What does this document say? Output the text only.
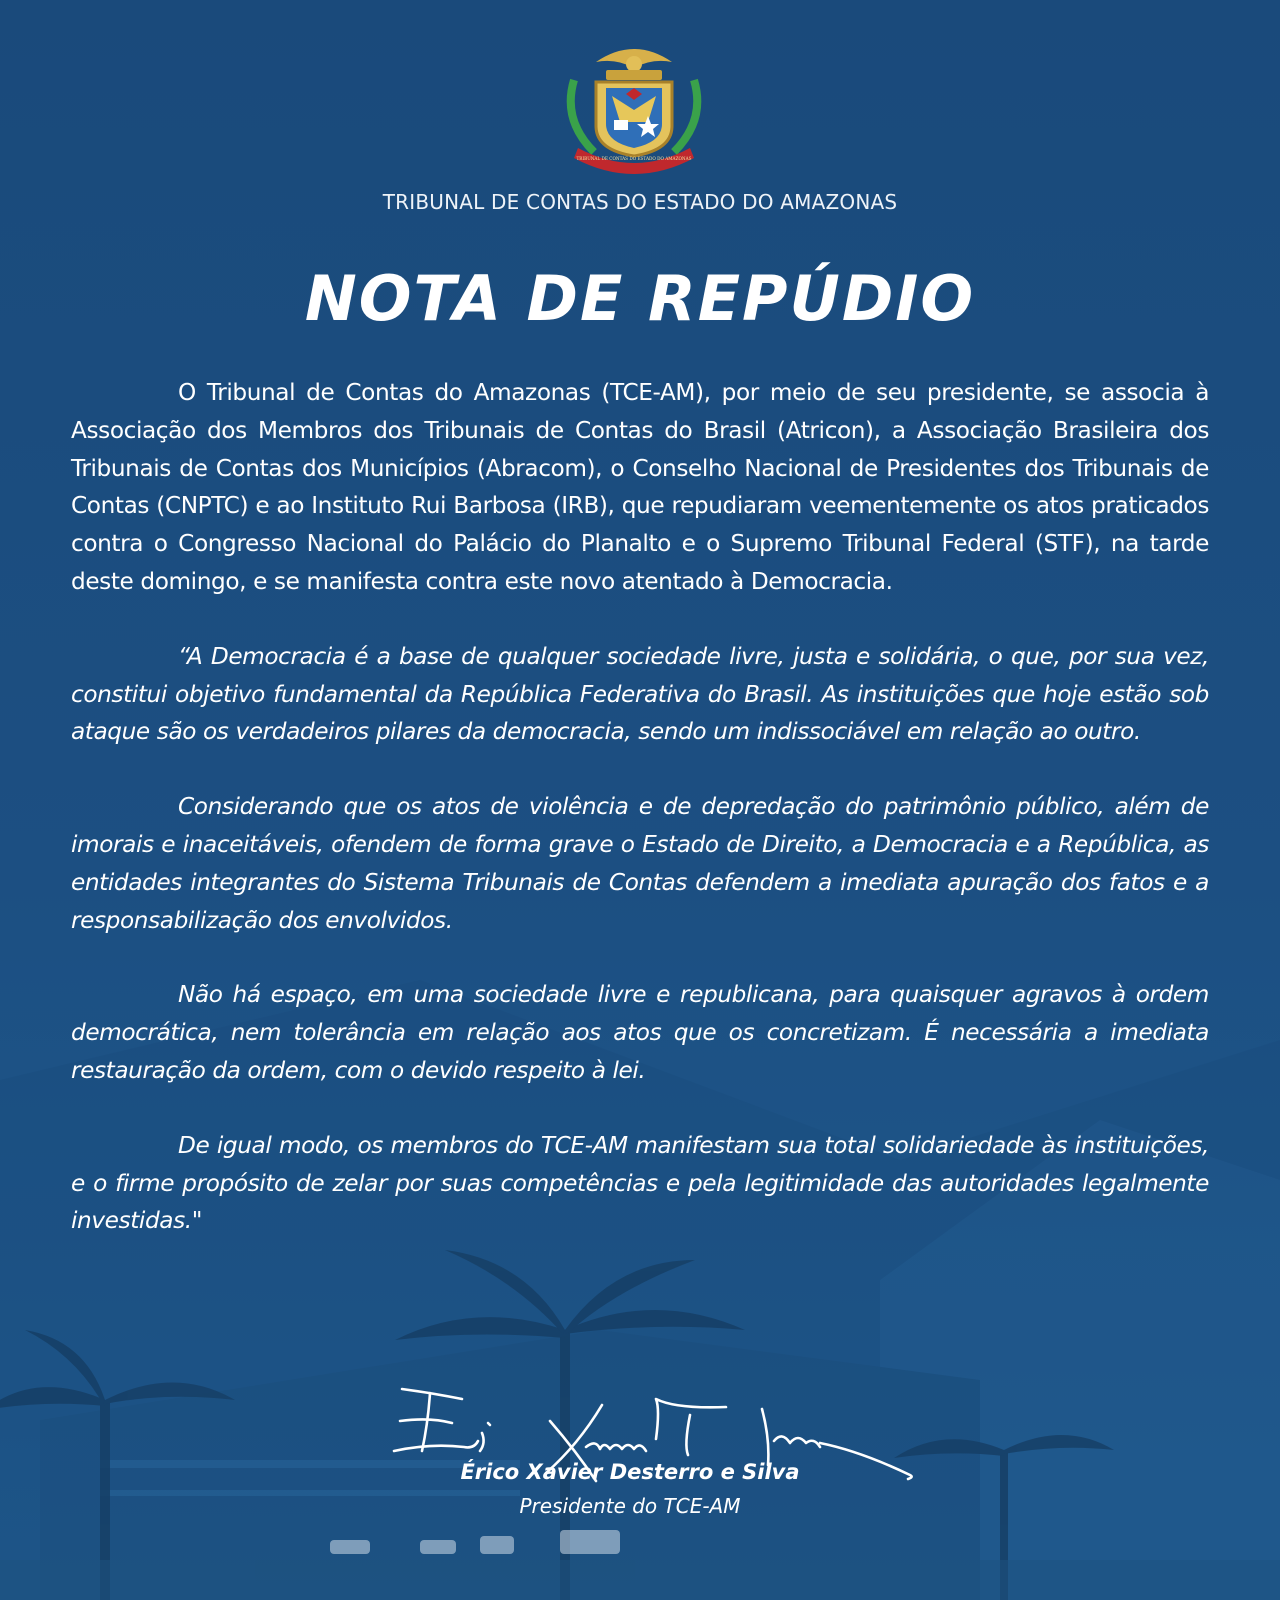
TRIBUNAL DE CONTAS DO ESTADO DO AMAZONAS
TRIBUNAL DE CONTAS DO ESTADO DO AMAZONAS
NOTA DE REPÚDIO

O Tribunal de Contas do Amazonas (TCE-AM), por meio de seu presidente, se associa à Associação dos Membros dos Tribunais de Contas do Brasil (Atricon), a Associação Brasileira dos Tribunais de Contas dos Municípios (Abracom), o Conselho Nacional de Presidentes dos Tribunais de Contas (CNPTC) e ao Instituto Rui Barbosa (IRB), que repudiaram veementemente os atos praticados contra o Congresso Nacional do Palácio do Planalto e o Supremo Tribunal Federal (STF), na tarde deste domingo, e se manifesta contra este novo atentado à Democracia.

“A Democracia é a base de qualquer sociedade livre, justa e solidária, o que, por sua vez, constitui objetivo fundamental da República Federativa do Brasil. As instituições que hoje estão sob ataque são os verdadeiros pilares da democracia, sendo um indissociável em relação ao outro.

Considerando que os atos de violência e de depredação do patrimônio público, além de imorais e inaceitáveis, ofendem de forma grave o Estado de Direito, a Democracia e a República, as entidades integrantes do Sistema Tribunais de Contas defendem a imediata apuração dos fatos e a responsabilização dos envolvidos.

Não há espaço, em uma sociedade livre e republicana, para quaisquer agravos à ordem democrática, nem tolerância em relação aos atos que os concretizam. É necessária a imediata restauração da ordem, com o devido respeito à lei.

De igual modo, os membros do TCE-AM manifestam sua total solidariedade às instituições, e o firme propósito de zelar por suas competências e pela legitimidade das autoridades legalmente investidas."

Érico Xavier Desterro e Silva
Presidente do TCE-AM
